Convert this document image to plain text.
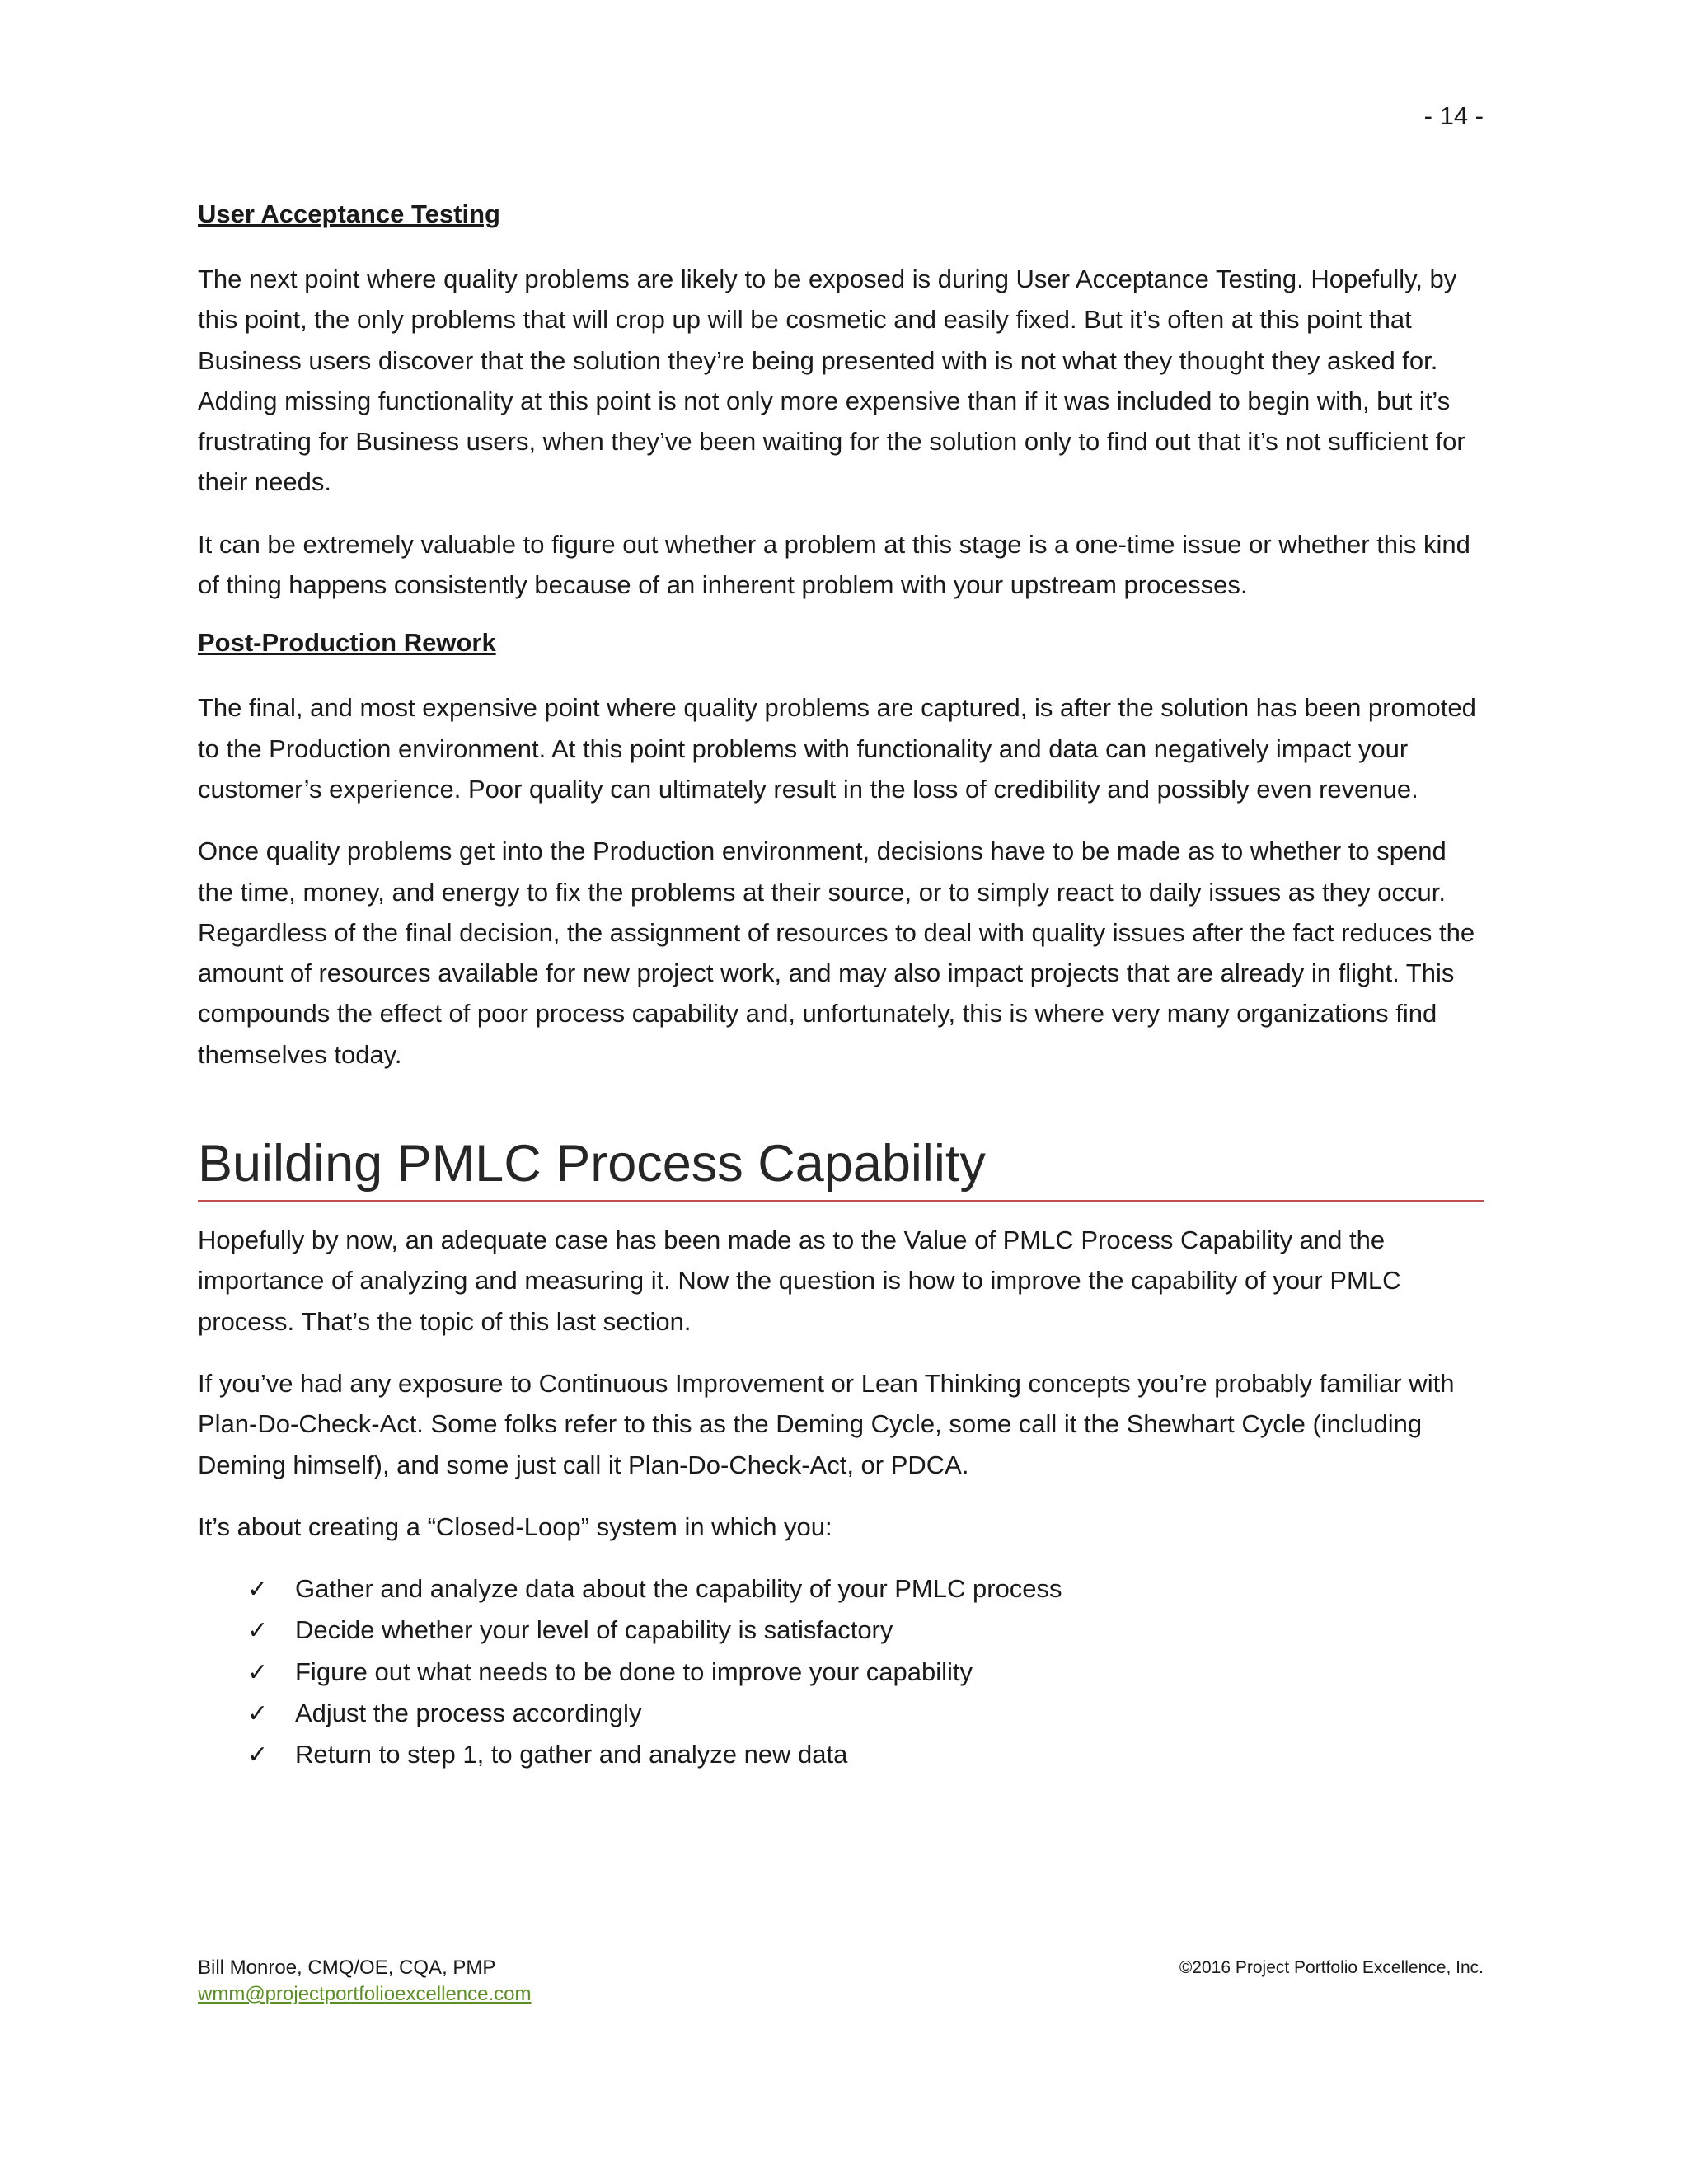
- 14 -
User Acceptance Testing

The next point where quality problems are likely to be exposed is during User Acceptance Testing. Hopefully, by this point, the only problems that will crop up will be cosmetic and easily fixed. But it’s often at this point that Business users discover that the solution they’re being presented with is not what they thought they asked for. Adding missing functionality at this point is not only more expensive than if it was included to begin with, but it’s frustrating for Business users, when they’ve been waiting for the solution only to find out that it’s not sufficient for their needs.

It can be extremely valuable to figure out whether a problem at this stage is a one-time issue or whether this kind of thing happens consistently because of an inherent problem with your upstream processes.

Post-Production Rework

The final, and most expensive point where quality problems are captured, is after the solution has been promoted to the Production environment. At this point problems with functionality and data can negatively impact your customer’s experience. Poor quality can ultimately result in the loss of credibility and possibly even revenue.

Once quality problems get into the Production environment, decisions have to be made as to whether to spend the time, money, and energy to fix the problems at their source, or to simply react to daily issues as they occur. Regardless of the final decision, the assignment of resources to deal with quality issues after the fact reduces the amount of resources available for new project work, and may also impact projects that are already in flight. This compounds the effect of poor process capability and, unfortunately, this is where very many organizations find themselves today.

Building PMLC Process Capability

Hopefully by now, an adequate case has been made as to the Value of PMLC Process Capability and the importance of analyzing and measuring it. Now the question is how to improve the capability of your PMLC process. That’s the topic of this last section.

If you’ve had any exposure to Continuous Improvement or Lean Thinking concepts you’re probably familiar with Plan-Do-Check-Act. Some folks refer to this as the Deming Cycle, some call it the Shewhart Cycle (including Deming himself), and some just call it Plan-Do-Check-Act, or PDCA.

It’s about creating a “Closed-Loop” system in which you:

✓	Gather and analyze data about the capability of your PMLC process
✓	Decide whether your level of capability is satisfactory
✓	Figure out what needs to be done to improve your capability
✓	Adjust the process accordingly
✓	Return to step 1, to gather and analyze new data
Bill Monroe, CMQ/OE, CQA, PMP
wmm@projectportfolioexcellence.com
©2016 Project Portfolio Excellence, Inc.
